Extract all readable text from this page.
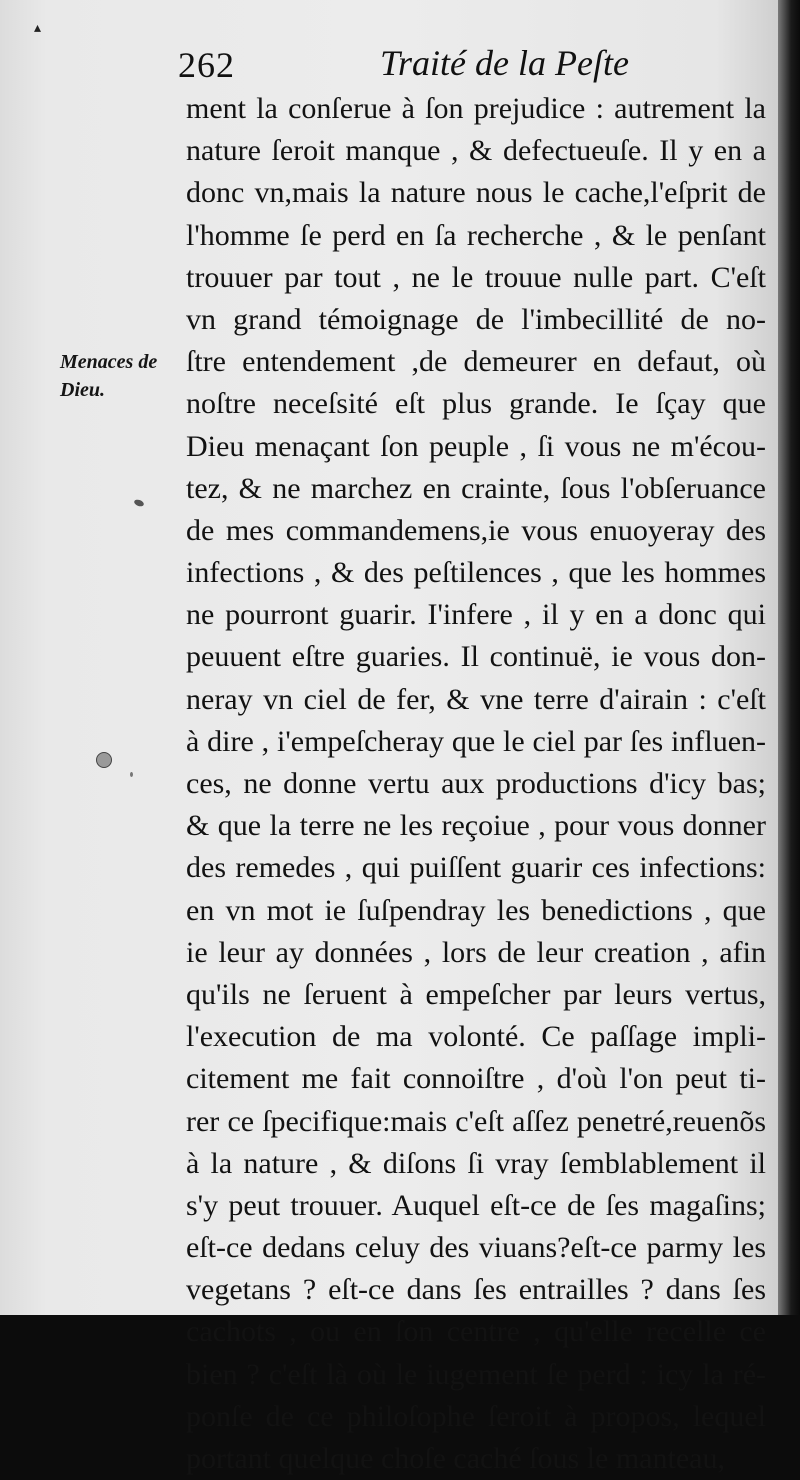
▴
262	Traité de la Peſte
Menaces de
Dieu.
ment la conſerue à ſon prejudice : autrement la
nature ſeroit manque , & defectueuſe. Il y en a
donc vn,mais la nature nous le cache,l'eſprit de
l'homme ſe perd en ſa recherche , & le penſant
trouuer par tout , ne le trouue nulle part. C'eſt
vn grand témoignage de l'imbecillité de no-
ſtre entendement ,de demeurer en defaut, où
noſtre neceſsité eſt plus grande. Ie ſçay que
Dieu menaçant ſon peuple , ſi vous ne m'écou-
tez, & ne marchez en crainte, ſous l'obſeruance
de mes commandemens,ie vous enuoyeray des
infections , & des peſtilences , que les hommes
ne pourront guarir. I'infere , il y en a donc qui
peuuent eſtre guaries. Il continuë, ie vous don-
neray vn ciel de fer, & vne terre d'airain : c'eſt
à dire , i'empeſcheray que le ciel par ſes influen-
ces, ne donne vertu aux productions d'icy bas;
& que la terre ne les reçoiue , pour vous donner
des remedes , qui puiſſent guarir ces infections:
en vn mot ie ſuſpendray les benedictions , que
ie leur ay données , lors de leur creation , afin
qu'ils ne ſeruent à empeſcher par leurs vertus,
l'execution de ma volonté. Ce paſſage impli-
citement me fait connoiſtre , d'où l'on peut ti-
rer ce ſpecifique:mais c'eſt aſſez penetré,reuenõs
à la nature , & diſons ſi vray ſemblablement il
s'y peut trouuer. Auquel eſt-ce de ſes magaſins;
eſt-ce dedans celuy des viuans?eſt-ce parmy les
vegetans ? eſt-ce dans ſes entrailles ? dans ſes
cachots , ou en ſon centre , qu'elle recelle ce
bien ? c'eſt là où le iugement ſe perd : icy la ré-
ponſe de ce philoſophe ſeroit à propos, lequel
portant quelque choſe caché ſous le manteau,
